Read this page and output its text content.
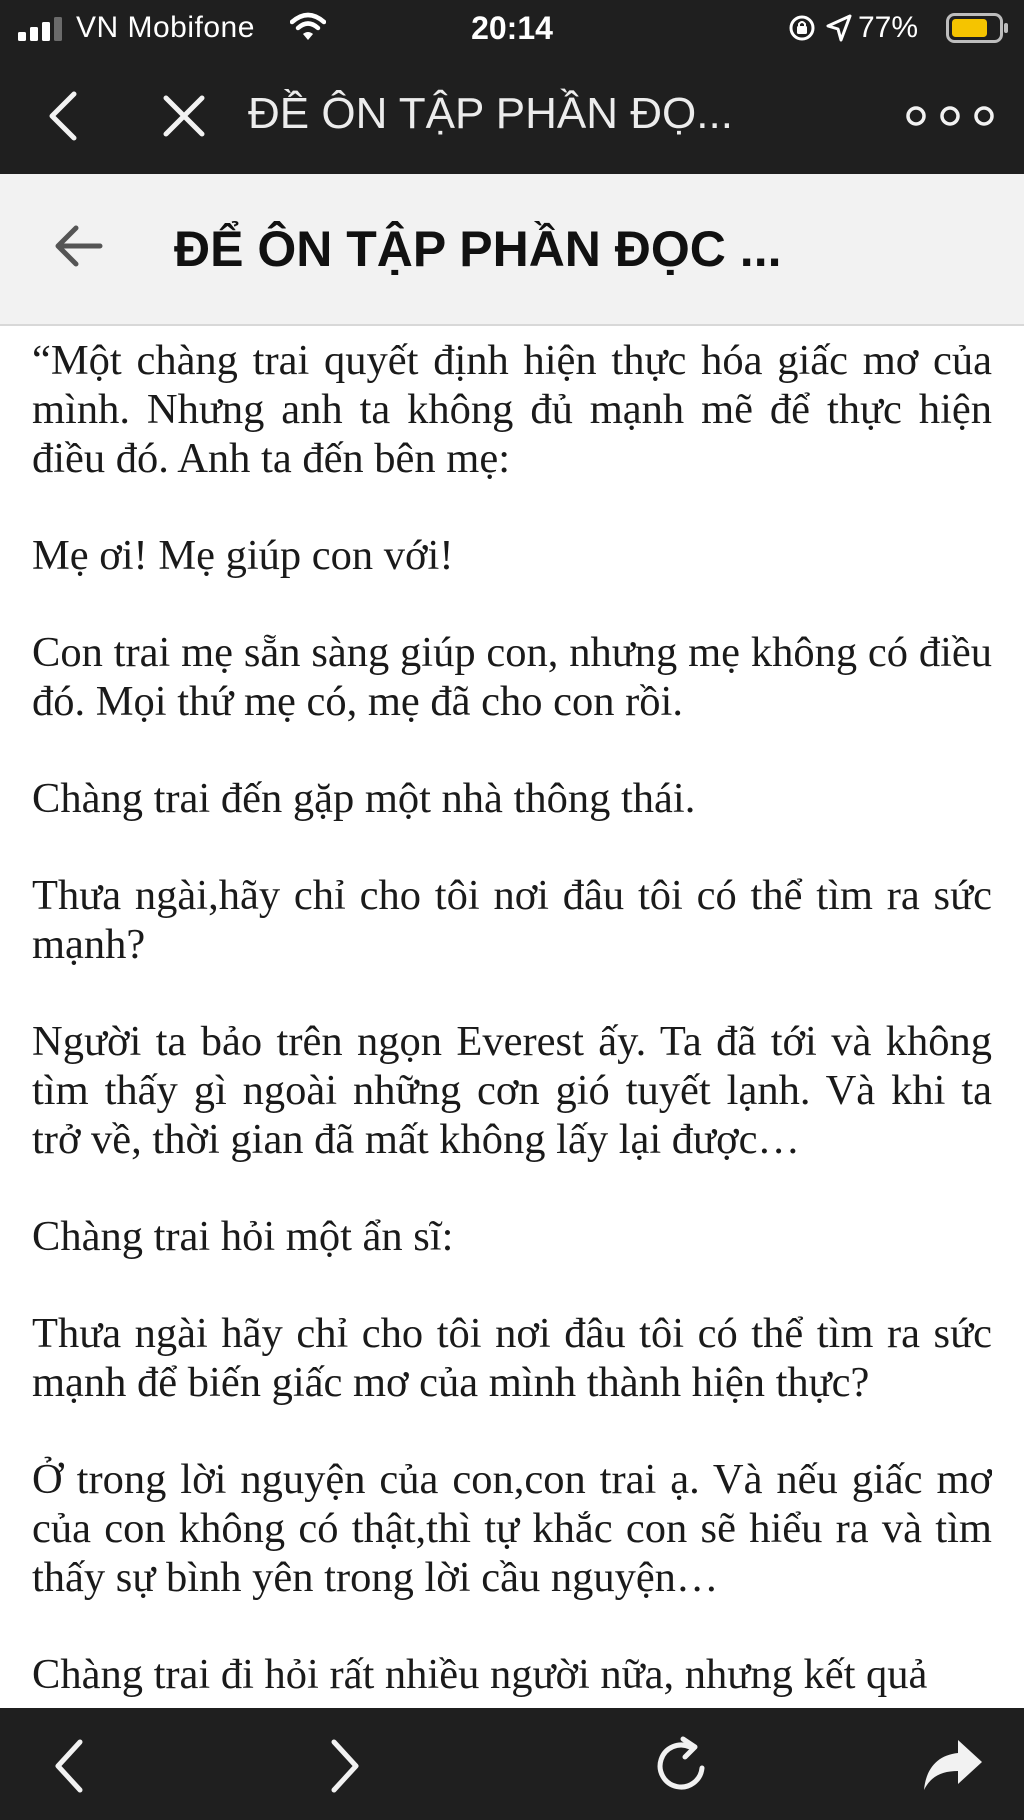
VN Mobifone	20:14	77%
ĐỀ ÔN TẬP PHẦN ĐỌ...
ĐỂ ÔN TẬP PHẦN ĐỌC ...

“Một chàng trai quyết định hiện thực hóa giấc mơ của mình. Nhưng anh ta không đủ mạnh mẽ để thực hiện điều đó. Anh ta đến bên mẹ:

Mẹ ơi! Mẹ giúp con với!

Con trai mẹ sẵn sàng giúp con, nhưng mẹ không có điều đó. Mọi thứ mẹ có, mẹ đã cho con rồi.

Chàng trai đến gặp một nhà thông thái.

Thưa ngài,hãy chỉ cho tôi nơi đâu tôi có thể tìm ra sức mạnh?

Người ta bảo trên ngọn Everest ấy. Ta đã tới và không tìm thấy gì ngoài những cơn gió tuyết lạnh. Và khi ta trở về, thời gian đã mất không lấy lại được…

Chàng trai hỏi một ẩn sĩ:

Thưa ngài hãy chỉ cho tôi nơi đâu tôi có thể tìm ra sức mạnh để biến giấc mơ của mình thành hiện thực?

Ở trong lời nguyện của con,con trai ạ. Và nếu giấc mơ của con không có thật,thì tự khắc con sẽ hiểu ra và tìm thấy sự bình yên trong lời cầu nguyện…

Chàng trai đi hỏi rất nhiều người nữa, nhưng kết quả
